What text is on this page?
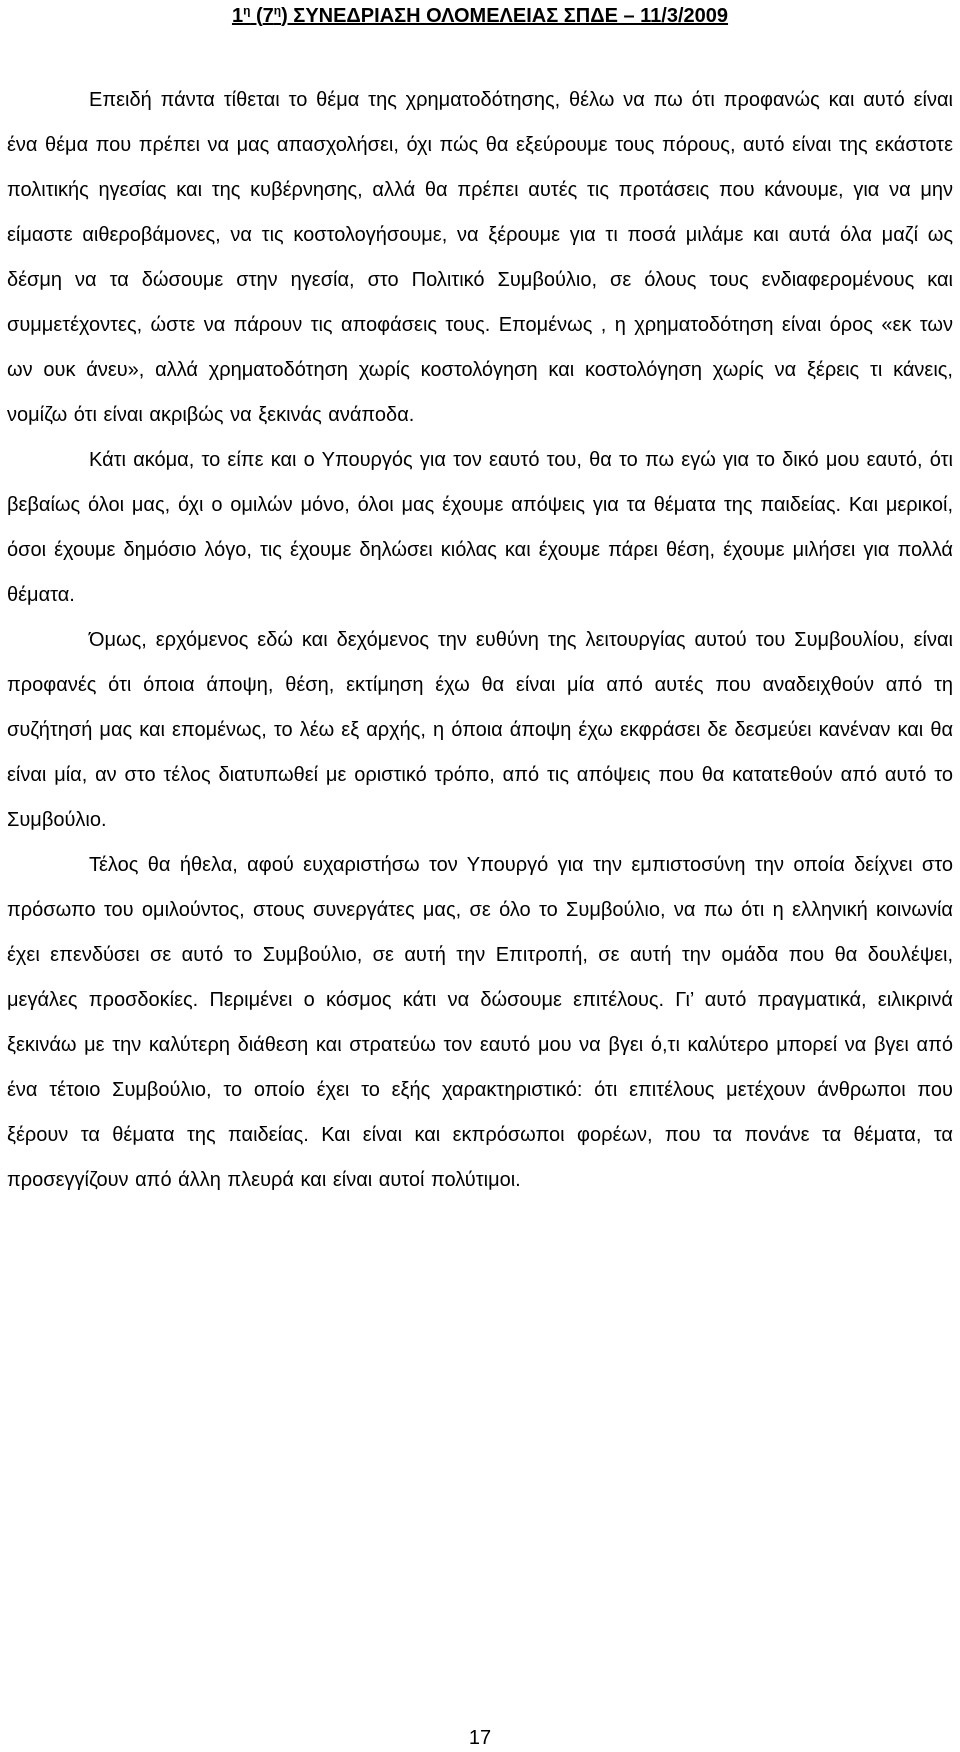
$1^\eta$ $(7^\eta)$ ΣΥΝΕΔΡΙΑΣΗ ΟΛΟΜΕΛΕΙΑΣ ΣΠΔΕ – 11/3/2009

Επειδή πάντα τίθεται το θέμα της χρηματοδότησης, θέλω να πω ότι προφανώς και αυτό είναι ένα θέμα που πρέπει να μας απασχολήσει, όχι πώς θα εξεύρουμε τους πόρους, αυτό είναι της εκάστοτε πολιτικής ηγεσίας και της κυβέρνησης, αλλά θα πρέπει αυτές τις προτάσεις που κάνουμε, για να μην είμαστε αιθεροβάμονες, να τις κοστολογήσουμε, να ξέρουμε για τι ποσά μιλάμε και αυτά όλα μαζί ως δέσμη να τα δώσουμε στην ηγεσία, στο Πολιτικό Συμβούλιο, σε όλους τους ενδιαφερομένους και συμμετέχοντες, ώστε να πάρουν τις αποφάσεις τους. Επομένως , η χρηματοδότηση είναι όρος «εκ των ων ουκ άνευ», αλλά χρηματοδότηση χωρίς κοστολόγηση και κοστολόγηση χωρίς να ξέρεις τι κάνεις, νομίζω ότι είναι ακριβώς να ξεκινάς ανάποδα.

Κάτι ακόμα, το είπε και ο Υπουργός για τον εαυτό του, θα το πω εγώ για το δικό μου εαυτό, ότι βεβαίως όλοι μας, όχι ο ομιλών μόνο, όλοι μας έχουμε απόψεις για τα θέματα της παιδείας. Και μερικοί, όσοι έχουμε δημόσιο λόγο, τις έχουμε δηλώσει κιόλας και έχουμε πάρει θέση, έχουμε μιλήσει για πολλά θέματα.

Όμως, ερχόμενος εδώ και δεχόμενος την ευθύνη της λειτουργίας αυτού του Συμβουλίου, είναι προφανές ότι όποια άποψη, θέση, εκτίμηση έχω θα είναι μία από αυτές που αναδειχθούν από τη συζήτησή μας και επομένως, το λέω εξ αρχής, η όποια άποψη έχω εκφράσει δε δεσμεύει κανέναν και θα είναι μία, αν στο τέλος διατυπωθεί με οριστικό τρόπο, από τις απόψεις που θα κατατεθούν από αυτό το Συμβούλιο.

Τέλος θα ήθελα, αφού ευχαριστήσω τον Υπουργό για την εμπιστοσύνη την οποία δείχνει στο πρόσωπο του ομιλούντος, στους συνεργάτες μας, σε όλο το Συμβούλιο, να πω ότι η ελληνική κοινωνία έχει επενδύσει σε αυτό το Συμβούλιο, σε αυτή την Επιτροπή, σε αυτή την ομάδα που θα δουλέψει, μεγάλες προσδοκίες. Περιμένει ο κόσμος κάτι να δώσουμε επιτέλους. Γι’ αυτό πραγματικά, ειλικρινά ξεκινάω με την καλύτερη διάθεση και στρατεύω τον εαυτό μου να βγει ό,τι καλύτερο μπορεί να βγει από ένα τέτοιο Συμβούλιο, το οποίο έχει το εξής χαρακτηριστικό: ότι επιτέλους μετέχουν άνθρωποι που ξέρουν τα θέματα της παιδείας. Και είναι και εκπρόσωποι φορέων, που τα πονάνε τα θέματα, τα προσεγγίζουν από άλλη πλευρά και είναι αυτοί πολύτιμοι.

17
